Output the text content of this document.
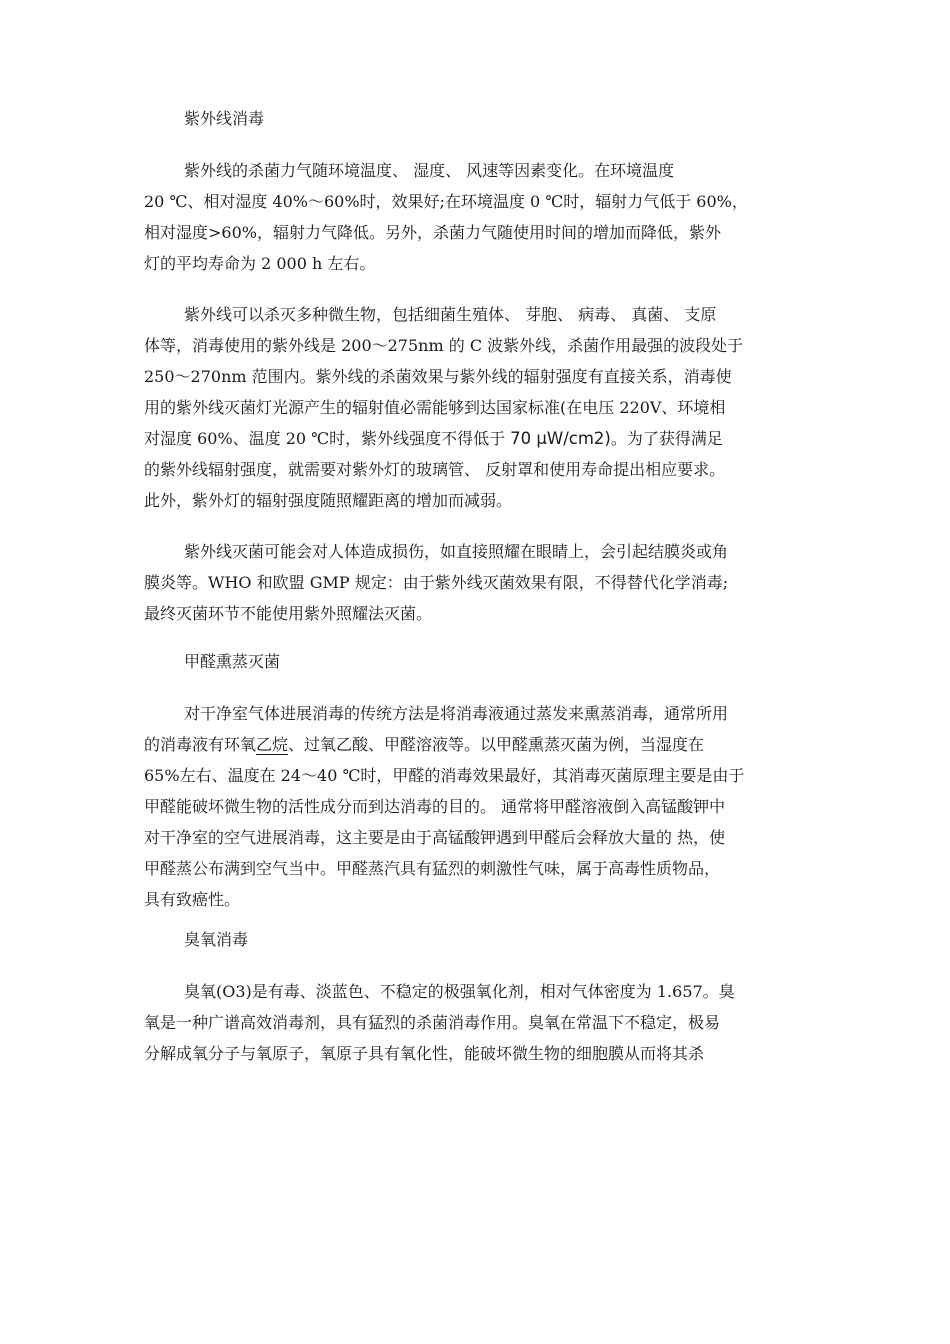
紫外线消毒
紫外线的杀菌力气随环境温度、 湿度、 风速等因素变化。在环境温度
20 ℃、相对湿度 40%～60%时，效果好;在环境温度 0 ℃时，辐射力气低于 60%，
相对湿度>60%，辐射力气降低。另外，杀菌力气随使用时间的增加而降低，紫外
灯的平均寿命为 2 000 h 左右。
紫外线可以杀灭多种微生物，包括细菌生殖体、 芽胞、 病毒、 真菌、 支原
体等，消毒使用的紫外线是 200～275nm 的 C 波紫外线，杀菌作用最强的波段处于
250～270nm 范围内。紫外线的杀菌效果与紫外线的辐射强度有直接关系，消毒使
用的紫外线灭菌灯光源产生的辐射值必需能够到达国家标准(在电压 220V、环境相
对湿度 60%、温度 20 ℃时，紫外线强度不得低于 70 μW/cm2)。为了获得满足
的紫外线辐射强度，就需要对紫外灯的玻璃管、 反射罩和使用寿命提出相应要求。
此外，紫外灯的辐射强度随照耀距离的增加而减弱。
紫外线灭菌可能会对人体造成损伤，如直接照耀在眼睛上，会引起结膜炎或角
膜炎等。WHO 和欧盟 GMP 规定：由于紫外线灭菌效果有限，不得替代化学消毒;
最终灭菌环节不能使用紫外照耀法灭菌。
甲醛熏蒸灭菌
对干净室气体进展消毒的传统方法是将消毒液通过蒸发来熏蒸消毒，通常所用
的消毒液有环氧乙烷、过氧乙酸、甲醛溶液等。以甲醛熏蒸灭菌为例，当湿度在
65%左右、温度在 24～40 ℃时，甲醛的消毒效果最好，其消毒灭菌原理主要是由于
甲醛能破坏微生物的活性成分而到达消毒的目的。 通常将甲醛溶液倒入高锰酸钾中
对干净室的空气进展消毒，这主要是由于高锰酸钾遇到甲醛后会释放大量的 热，使
甲醛蒸公布满到空气当中。甲醛蒸汽具有猛烈的刺激性气味，属于高毒性质物品，
具有致癌性。
臭氧消毒
臭氧(O3)是有毒、淡蓝色、不稳定的极强氧化剂，相对气体密度为 1.657。臭
氧是一种广谱高效消毒剂，具有猛烈的杀菌消毒作用。臭氧在常温下不稳定，极易
分解成氧分子与氧原子，氧原子具有氧化性，能破坏微生物的细胞膜从而将其杀
